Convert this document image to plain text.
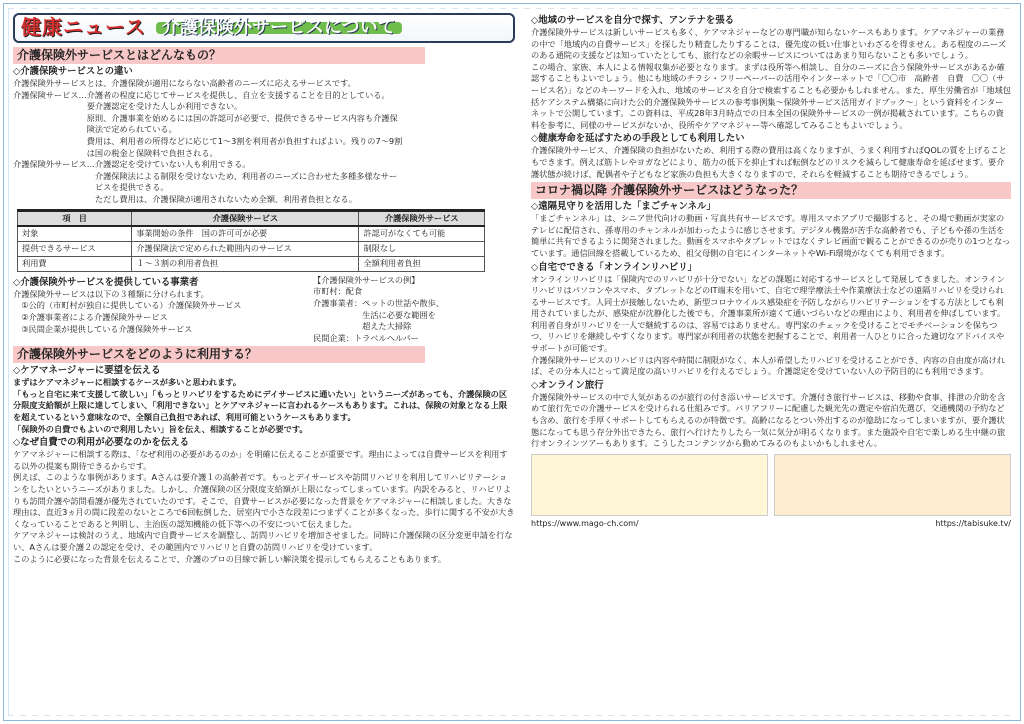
健康ニュース 介護保険外サービスについて
介護保険外サービスとはどんなもの？
◇介護保険サービスとの違い

介護保険外サービスとは、介護保険が適用にならない高齢者のニーズに応えるサービスです。
介護保険サービス…介護者の程度に応じてサービスを提供し、自立を支援することを目的としている。
　　　　　　　　　要介護認定を受けた人しか利用できない。
　　　　　　　　　原則、介護事業を始めるには国の許認可が必要で、提供できるサービス内容も介護保
　　　　　　　　　険法で定められている。
　　　　　　　　　費用は、利用者の所得などに応じて1〜3割を利用者が負担すればよい。残りの7〜9割
　　　　　　　　　は国の税金と保険料で負担される。
介護保険外サービス…介護認定を受けていない人も利用できる。
　　　　　　　　　　介護保険法による制限を受けないため、利用者のニーズに合わせた多種多様なサー
　　　　　　　　　　ビスを提供できる。
　　　　　　　　　　ただし費用は、介護保険が適用されないため全額、利用者負担となる。

項　目	介護保険サービス	介護保険外サービス
対象	事業開始の条件　国の許可可が必要	許認可がなくても可能
提供できるサービス	介護保険法で定められた範囲内のサービス	制限なし
利用費	１〜３割の利用者負担	全額利用者負担
◇介護保険外サービスを提供している事業者

介護保険外サービスは以下の３種類に分けられます。
　①公的（市町村が独自に提供している）介護保険外サービス
　②介護事業者による介護保険外サービス
　③民間企業が提供している介護保険外サービス

【介護保険外サービスの例】
市町村：配食
介護事業者：ペットの世話や散歩、
　　　　　　生活に必要な範囲を
　　　　　　超えた大掃除
民間企業：トラベルヘルパー

介護保険外サービスをどのように利用する？
◇ケアマネージャーに要望を伝える

まずはケアマネジャーに相談するケースが多いと思われます。
「もっと自宅に来て支援して欲しい」「もっとリハビリをするためにデイサービスに通いたい」というニーズがあっても、介護保険の区分限度支給額が上限に達してしまい、「利用できない」とケアマネジャーに言われるケースもあります。これは、保険の対象となる上限を超えているという意味なので、全額自己負担であれば、利用可能というケースもあります。
「保険外の自費でもよいので利用したい」旨を伝え、相談することが必要です。

◇なぜ自費での利用が必要なのかを伝える

ケアマネジャーに相談する際は、「なぜ利用の必要があるのか」を明確に伝えることが重要です。理由によっては自費サービスを利用する以外の提案も期待できるからです。
例えば、このような事例があります。Aさんは要介護１の高齢者です。もっとデイサービスや訪問リハビリを利用してリハビリテーションをしたいというニーズがありました。しかし、介護保険の区分限度支給額が上限になってしまっています。内訳をみると、リハビリよりも訪問介護や訪問看護が優先されていたのです。そこで、自費サービスが必要になった背景をケアマネジャーに相談しました。大きな理由は、直近3ヵ月の間に段差のないところで6回転倒した、居室内で小さな段差につまずくことが多くなった、歩行に関する不安が大きくなっていることであると判明し、主治医の認知機能の低下等への不安について伝えました。
ケアマネジャーは検討のうえ、地域内で自費サービスを調整し、訪問リハビリを増加させました。同時に介護保険の区分変更申請を行ない、Aさんは要介護２の認定を受け、その範囲内でリハビリと自費の訪問リハビリを受けています。
このように必要になった背景を伝えることで、介護のプロの目線で新しい解決策を提示してもらえることもあります。

◇地域のサービスを自分で探す、アンテナを張る

介護保険外サービスは新しいサービスも多く、ケアマネジャーなどの専門職が知らないケースもあります。ケアマネジャーの業務の中で「地域内の自費サービス」を探したり精査したりすることは、優先度の低い仕事といわざるを得ません。ある程度のニーズのある通院の支援などは知っていたとしても、旅行などの余暇サービスについてはあまり知らないことも多いでしょう。
この場合、家族、本人による情報収集が必要となります。まずは役所等へ相談し、自分のニーズに合う保険外サービスがあるか確認することもよいでしょう。他にも地域のチラシ・フリーペーパーの活用やインターネットで「〇〇市　高齢者　自費　〇〇（サービス名）」などのキーワードを入れ、地域のサービスを自分で検索することも必要かもしれません。また、厚生労働省が「地域包括ケアシステム構築に向けた公的介護保険外サービスの参考事例集〜保険外サービス活用ガイドブック〜」という資料をインターネットで公開しています。この資料は、平成28年3月時点での日本全国の保険外サービスの一例が掲載されています。こちらの資料を参考に、同様のサービスがないか、役所やケアマネジャー等へ確認してみることもよいでしょう。

◇健康寿命を延ばすための手段としても利用したい

介護保険外サービス、介護保険の負担がないため、利用する際の費用は高くなりますが、うまく利用すればQOLの質を上げることもできます。例えば筋トレやヨガなどにより、筋力の低下を抑止すれば転倒などのリスクを減らして健康寿命を延ばせます。要介護状態が続けば、配偶者や子どもなど家族の負担も大きくなりますので、それらを軽減することも期待できるでしょう。

コロナ禍以降 介護保険外サービスはどうなった？
◇遠隔見守りを活用した「まごチャンネル」

「まごチャンネル」は、シニア世代向けの動画・写真共有サービスです。専用スマホアプリで撮影すると、その場で動画が実家のテレビに配信され、孫専用のチャンネルが加わったように感じさせます。デジタル機器が苦手な高齢者でも、子どもや孫の生活を簡単に共有できるように開発されました。動画をスマホやタブレットではなくテレビ画面で観ることができるのが売りの1つとなっています。通信回線を搭載しているため、祖父母側の自宅にインターネットやWi-Fi環境がなくても利用できます。

◇自宅でできる「オンラインリハビリ」

オンラインリハビリは「保険内でのリハビリが十分でない」などの課題に対応するサービスとして発展してきました。オンラインリハビリはパソコンやスマホ、タブレットなどのIT端末を用いて、自宅で理学療法士や作業療法士などの遠隔リハビリを受けられるサービスです。人同士が接触しないため、新型コロナウイルス感染症を予防しながらリハビリテーションをする方法としても利用されていましたが、感染症が沈静化した後でも、介護事業所が遠くて通いづらいなどの理由により、利用者を伸ばしています。
利用者自身がリハビリを一人で継続するのは、容易ではありません。専門家のチェックを受けることでモチベーションを保ちつつ、リハビリを継続しやすくなります。専門家が利用者の状態を把握することで、利用者一人ひとりに合った適切なアドバイスやサポートが可能です。
介護保険外サービスのリハビリは内容や時間に制限がなく、本人が希望したリハビリを受けることができ、内容の自由度が高ければ、その分本人にとって満足度の高いリハビリを行えるでしょう。介護認定を受けていない人の予防目的にも利用できます。

◇オンライン旅行

介護保険外サービスの中で人気があるのが旅行の付き添いサービスです。介護付き旅行サービスは、移動や食事、排泄の介助を含めて旅行先での介護サービスを受けられる仕組みです。バリアフリーに配慮した観光先の選定や宿泊先選び、交通機関の予約なども含め、旅行を手厚くサポートしてもらえるのが特徴です。高齢になるとつい外出するのが億劫になってしまいますが、要介護状態になっても思う存分外出できたら、旅行へ行けたりしたら一気に気分が明るくなります。また施設や自宅で楽しめる生中継の旅行オンラインツアーもあります。こうしたコンテンツから動めてみるのもよいかもしれません。

https://www.mago-ch.com/	https://tabisuke.tv/
